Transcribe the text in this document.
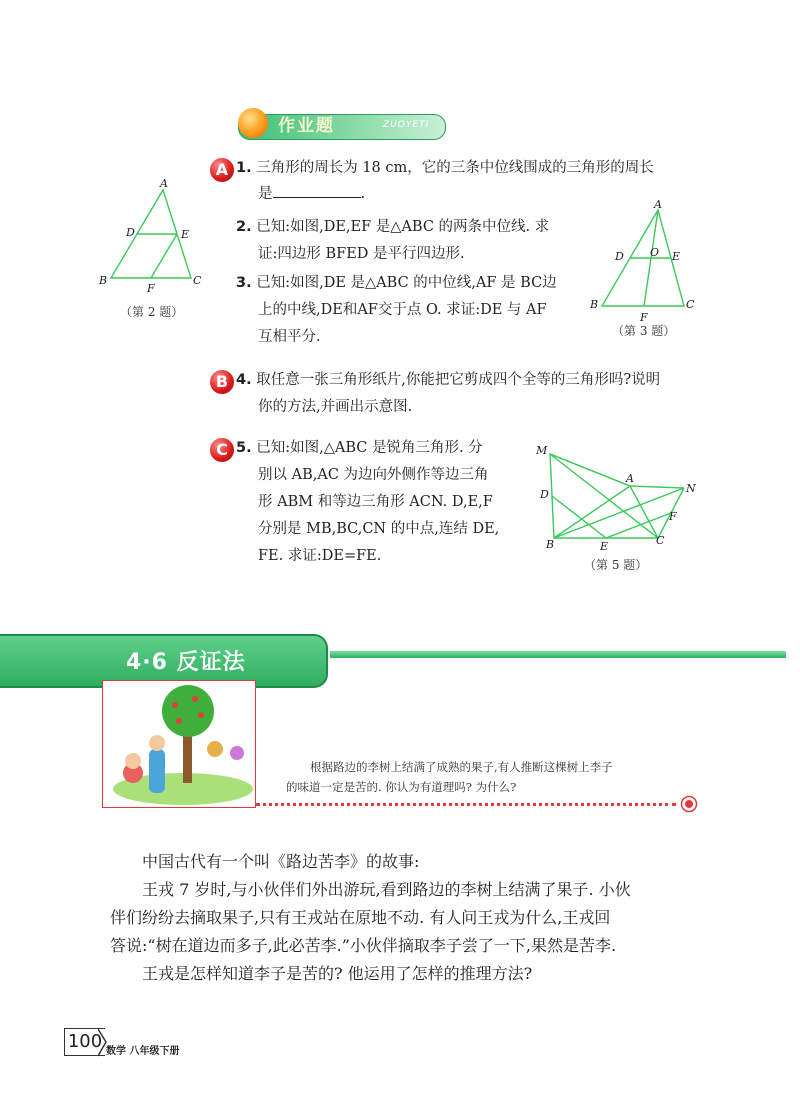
作业题	ZUOYETI
A 1. 三角形的周长为 18 cm，它的三条中位线围成的三角形的周长
是	.
2. 已知:如图,DE,EF 是△ABC 的两条中位线. 求
证:四边形 BFED 是平行四边形.
3. 已知:如图,DE 是△ABC 的中位线,AF 是 BC边
上的中线,DE和AF交于点 O. 求证:DE 与 AF
互相平分.
A
D	E
B	C
F
（第 2 题）
A
D O E
B	C
F
（第 3 题）
B 4. 取任意一张三角形纸片,你能把它剪成四个全等的三角形吗?说明
你的方法,并画出示意图.
C 5. 已知:如图,△ABC 是锐角三角形. 分
别以 AB,AC 为边向外侧作等边三角
形 ABM 和等边三角形 ACN. D,E,F
分别是 MB,BC,CN 的中点,连结 DE,
FE. 求证:DE=FE.
M
A
N
D
F
B	E	C
（第 5 题）
4·6 反证法
根据路边的李树上结满了成熟的果子,有人推断这棵树上李子
的味道一定是苦的. 你认为有道理吗? 为什么?

中国古代有一个叫《路边苦李》的故事:

王戎 7 岁时,与小伙伴们外出游玩,看到路边的李树上结满了果子. 小伙

伴们纷纷去摘取果子,只有王戎站在原地不动. 有人问王戎为什么,王戎回

答说:“树在道边而多子,此必苦李.”小伙伴摘取李子尝了一下,果然是苦李.

王戎是怎样知道李子是苦的? 他运用了怎样的推理方法?

100 数学 八年级下册
